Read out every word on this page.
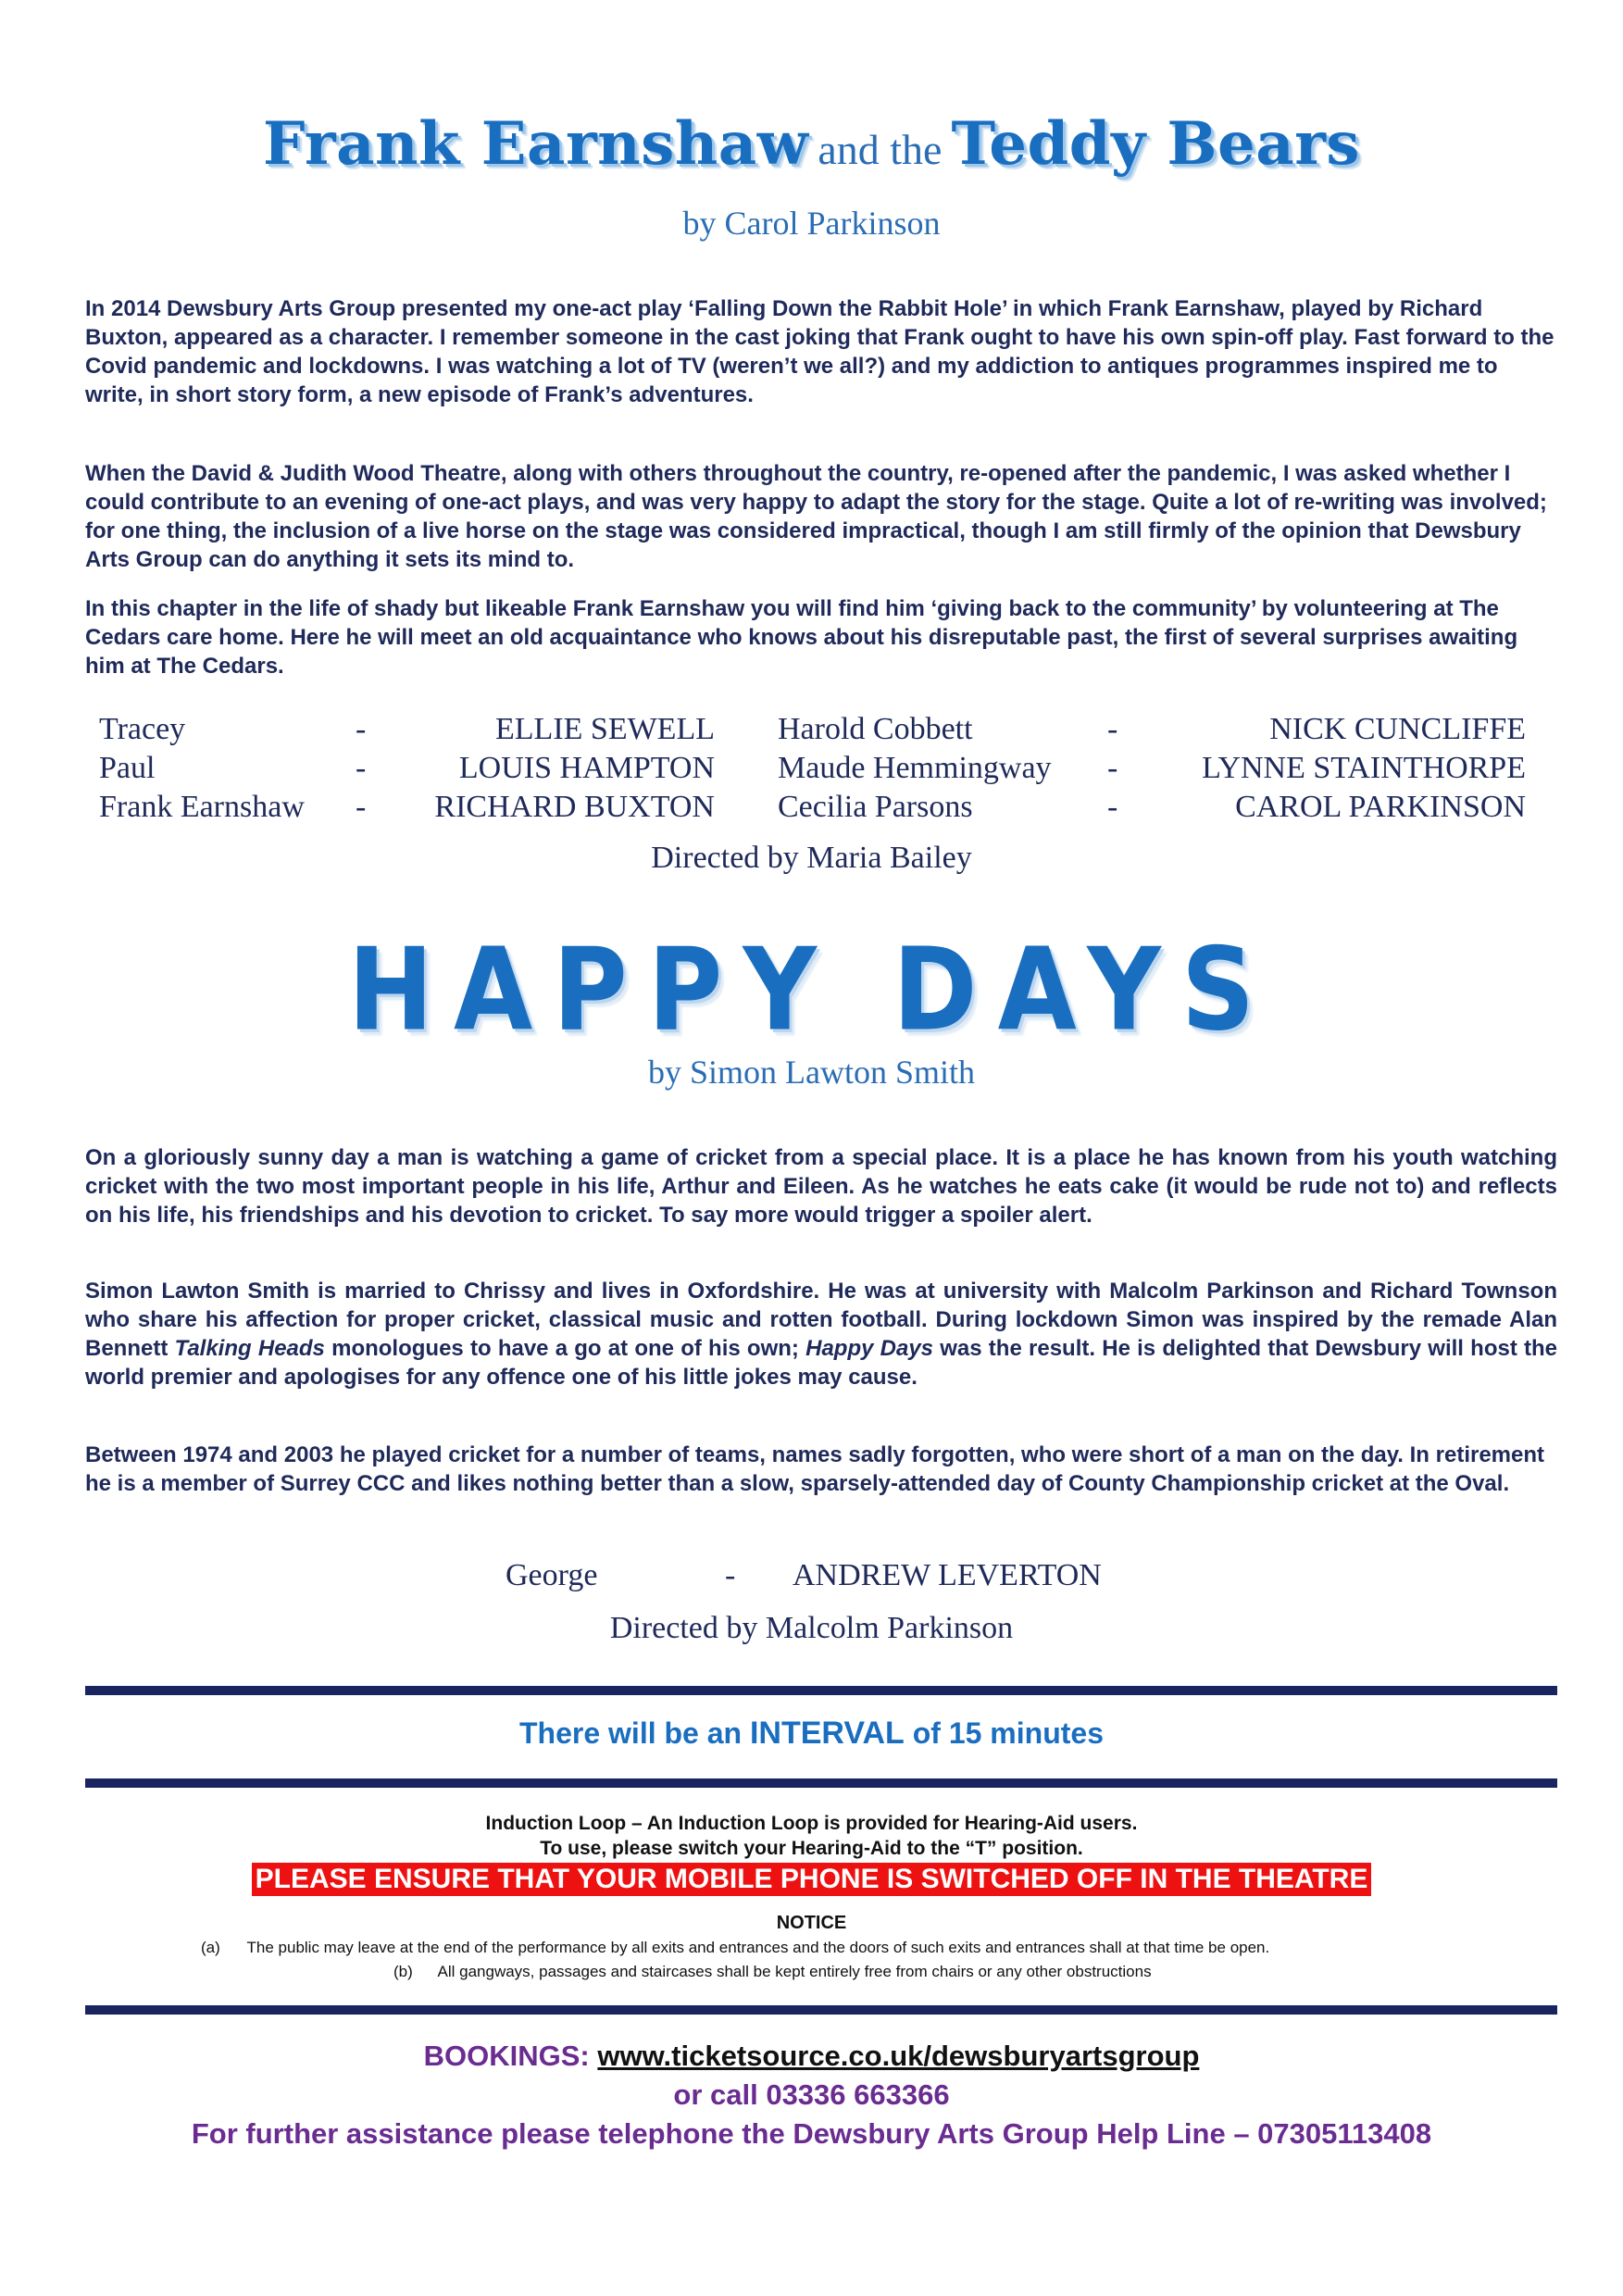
Frank Earnshaw and the Teddy Bears
by Carol Parkinson

In 2014 Dewsbury Arts Group presented my one-act play ‘Falling Down the Rabbit Hole’ in which Frank Earnshaw, played by Richard Buxton, appeared as a character. I remember someone in the cast joking that Frank ought to have his own spin-off play. Fast forward to the Covid pandemic and lockdowns. I was watching a lot of TV (weren’t we all?) and my addiction to antiques programmes inspired me to write, in short story form, a new episode of Frank’s adventures.

When the David & Judith Wood Theatre, along with others throughout the country, re-opened after the pandemic, I was asked whether I could contribute to an evening of one-act plays, and was very happy to adapt the story for the stage. Quite a lot of re-writing was involved; for one thing, the inclusion of a live horse on the stage was considered impractical, though I am still firmly of the opinion that Dewsbury Arts Group can do anything it sets its mind to.

In this chapter in the life of shady but likeable Frank Earnshaw you will find him ‘giving back to the community’ by volunteering at The Cedars care home. Here he will meet an old acquaintance who knows about his disreputable past, the first of several surprises awaiting him at The Cedars.

Tracey	-	ELLIE SEWELL
Paul	-	LOUIS HAMPTON
Frank Earnshaw - RICHARD BUXTON
Harold Cobbett	-	NICK CUNCLIFFE
Maude Hemmingway -	LYNNE STAINTHORPE
Cecilia Parsons	-	CAROL PARKINSON
Directed by Maria Bailey
HAPPY DAYS
by Simon Lawton Smith

On a gloriously sunny day a man is watching a game of cricket from a special place. It is a place he has known from his youth watching cricket with the two most important people in his life, Arthur and Eileen. As he watches he eats cake (it would be rude not to) and reflects on his life, his friendships and his devotion to cricket. To say more would trigger a spoiler alert.

Simon Lawton Smith is married to Chrissy and lives in Oxfordshire. He was at university with Malcolm Parkinson and Richard Townson who share his affection for proper cricket, classical music and rotten football. During lockdown Simon was inspired by the remade Alan Bennett Talking Heads monologues to have a go at one of his own; Happy Days was the result. He is delighted that Dewsbury will host the world premier and apologises for any offence one of his little jokes may cause.

Between 1974 and 2003 he played cricket for a number of teams, names sadly forgotten, who were short of a man on the day. In retirement he is a member of Surrey CCC and likes nothing better than a slow, sparsely-attended day of County Championship cricket at the Oval.

George	- ANDREW LEVERTON
Directed by Malcolm Parkinson
There will be an INTERVAL of 15 minutes
Induction Loop – An Induction Loop is provided for Hearing-Aid users.
To use, please switch your Hearing-Aid to the “T” position.
PLEASE ENSURE THAT YOUR MOBILE PHONE IS SWITCHED OFF IN THE THEATRE
NOTICE
(a) The public may leave at the end of the performance by all exits and entrances and the doors of such exits and entrances shall at that time be open.
(b) All gangways, passages and staircases shall be kept entirely free from chairs or any other obstructions
BOOKINGS: www.ticketsource.co.uk/dewsburyartsgroup
or call 03336 663366
For further assistance please telephone the Dewsbury Arts Group Help Line – 07305113408
